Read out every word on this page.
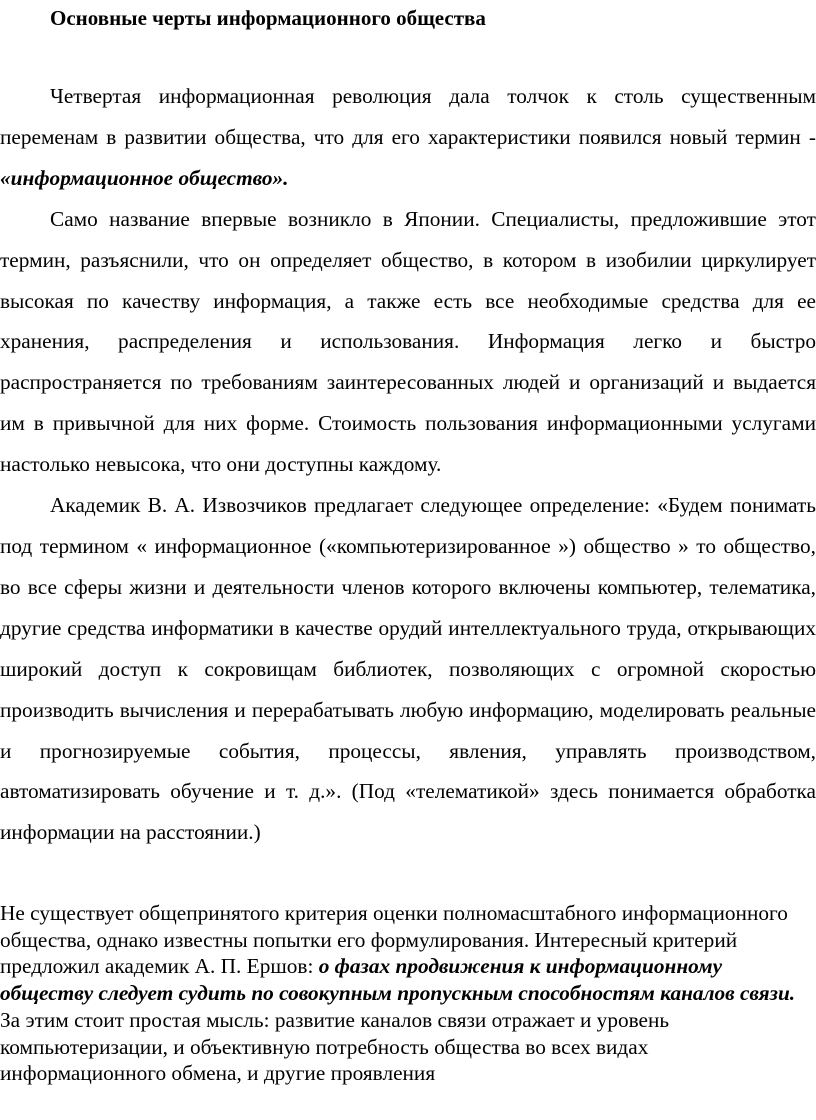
Основные черты информационного общества

Четвертая информационная революция дала толчок к столь существенным переменам в развитии общества, что для его характеристики появился новый термин - «информационное общество».

Само название впервые возникло в Японии. Специалисты, предложившие этот термин, разъяснили, что он определяет общество, в котором в изобилии циркулирует высокая по качеству информация, а также есть все необходимые средства для ее хранения, распределения и использования. Информация легко и быстро распространяется по требованиям заинтересованных людей и организаций и выдается им в привычной для них форме. Стоимость пользования информационными услугами настолько невысока, что они доступны каждому.

Академик В. А. Извозчиков предлагает следующее определение: «Будем понимать под термином « информационное («компьютеризированное ») общество » то общество, во все сферы жизни и деятельности членов которого включены компьютер, телематика, другие средства информатики в качестве орудий интеллектуального труда, открывающих широкий доступ к сокровищам библиотек, позволяющих с огромной скоростью производить вычисления и перерабатывать любую информацию, моделировать реальные и прогнозируемые события, процессы, явления, управлять производством, автоматизировать обучение и т. д.». (Под «телематикой» здесь понимается обработка информации на расстоянии.)

Не существует общепринятого критерия оценки полномасштабного информационного общества, однако известны попытки его формулирования. Интересный критерий предложил академик А. П. Ершов: о фазах продвижения к информационному обществу следует судить по совокупным пропускным способностям каналов связи. За этим стоит простая мысль: развитие каналов связи отражает и уровень компьютеризации, и объективную потребность общества во всех видах информационного обмена, и другие проявления
